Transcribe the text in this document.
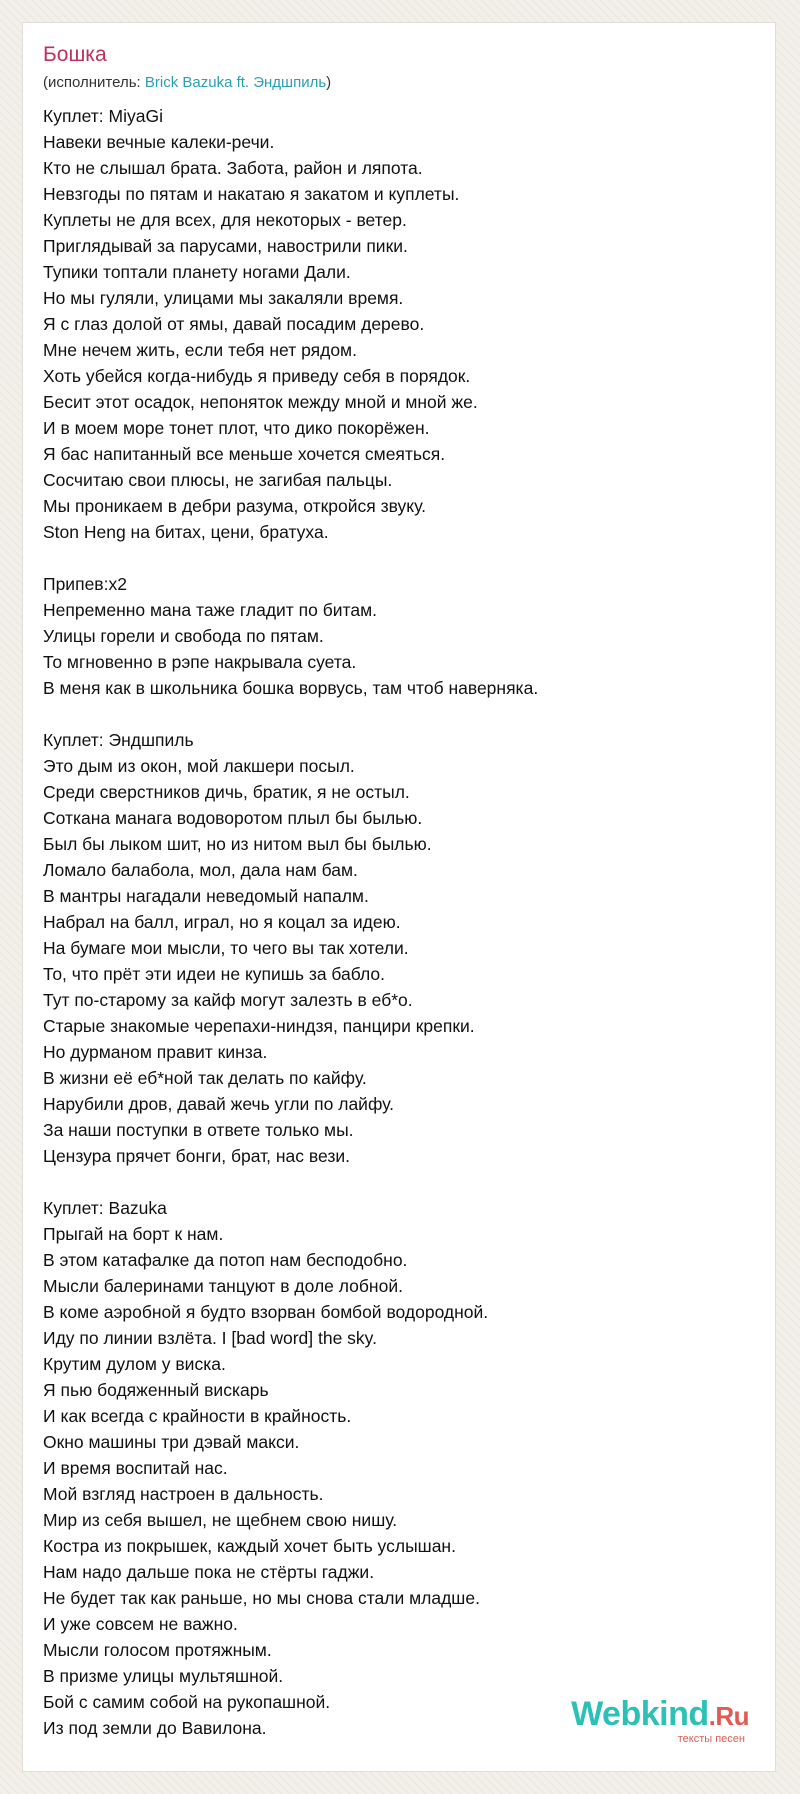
Бошка
(исполнитель: Brick Bazuka ft. Эндшпиль)
Куплет: MiyaGi
Навеки вечные калеки-речи.
Кто не слышал брата. Забота, район и ляпота.
Невзгоды по пятам и накатаю я закатом и куплеты.
Куплеты не для всех, для некоторых - ветер.
Приглядывай за парусами, навострили пики.
Тупики топтали планету ногами Дали.
Но мы гуляли, улицами мы закаляли время.
Я с глаз долой от ямы, давай посадим дерево.
Мне нечем жить, если тебя нет рядом.
Хоть убейся когда-нибудь я приведу себя в порядок.
Бесит этот осадок, непоняток между мной и мной же.
И в моем море тонет плот, что дико покорёжен.
Я бас напитанный все меньше хочется смеяться.
Сосчитаю свои плюсы, не загибая пальцы.
Мы проникаем в дебри разума, откройся звуку.
Ston Heng на битах, цени, братуха.
Припев:x2
Непременно мана таже гладит по битам.
Улицы горели и свобода по пятам.
То мгновенно в рэпе накрывала суета.
В меня как в школьника бошка ворвусь, там чтоб наверняка.
Куплет: Эндшпиль
Это дым из окон, мой лакшери посыл.
Среди сверстников дичь, братик, я не остыл.
Соткана манага водоворотом плыл бы былью.
Был бы лыком шит, но из нитом выл бы былью.
Ломало балабола, мол, дала нам бам.
В мантры нагадали неведомый напалм.
Набрал на балл, играл, но я коцал за идею.
На бумаге мои мысли, то чего вы так хотели.
То, что прёт эти идеи не купишь за бабло.
Тут по-старому за кайф могут залезть в еб*о.
Старые знакомые черепахи-ниндзя, панцири крепки.
Но дурманом правит кинза.
В жизни её еб*ной так делать по кайфу.
Нарубили дров, давай жечь угли по лайфу.
За наши поступки в ответе только мы.
Цензура прячет бонги, брат, нас вези.
Куплет: Bazuka
Прыгай на борт к нам.
В этом катафалке да потоп нам бесподобно.
Мысли балеринами танцуют в доле лобной.
В коме аэробной я будто взорван бомбой водородной.
Иду по линии взлёта. I [bad word] the sky.
Крутим дулом у виска.
Я пью бодяженный вискарь
И как всегда с крайности в крайность.
Окно машины три дэвай макси.
И время воспитай нас.
Мой взгляд настроен в дальность.
Мир из себя вышел, не щебнем свою нишу.
Костра из покрышек, каждый хочет быть услышан.
Нам надо дальше пока не стёрты гаджи.
Не будет так как раньше, но мы снова стали младше.
И уже совсем не важно.
Мысли голосом протяжным.
В призме улицы мультяшной.
Бой с самим собой на рукопашной.
Из под земли до Вавилона.	Webkind.Ru
тексты песен
